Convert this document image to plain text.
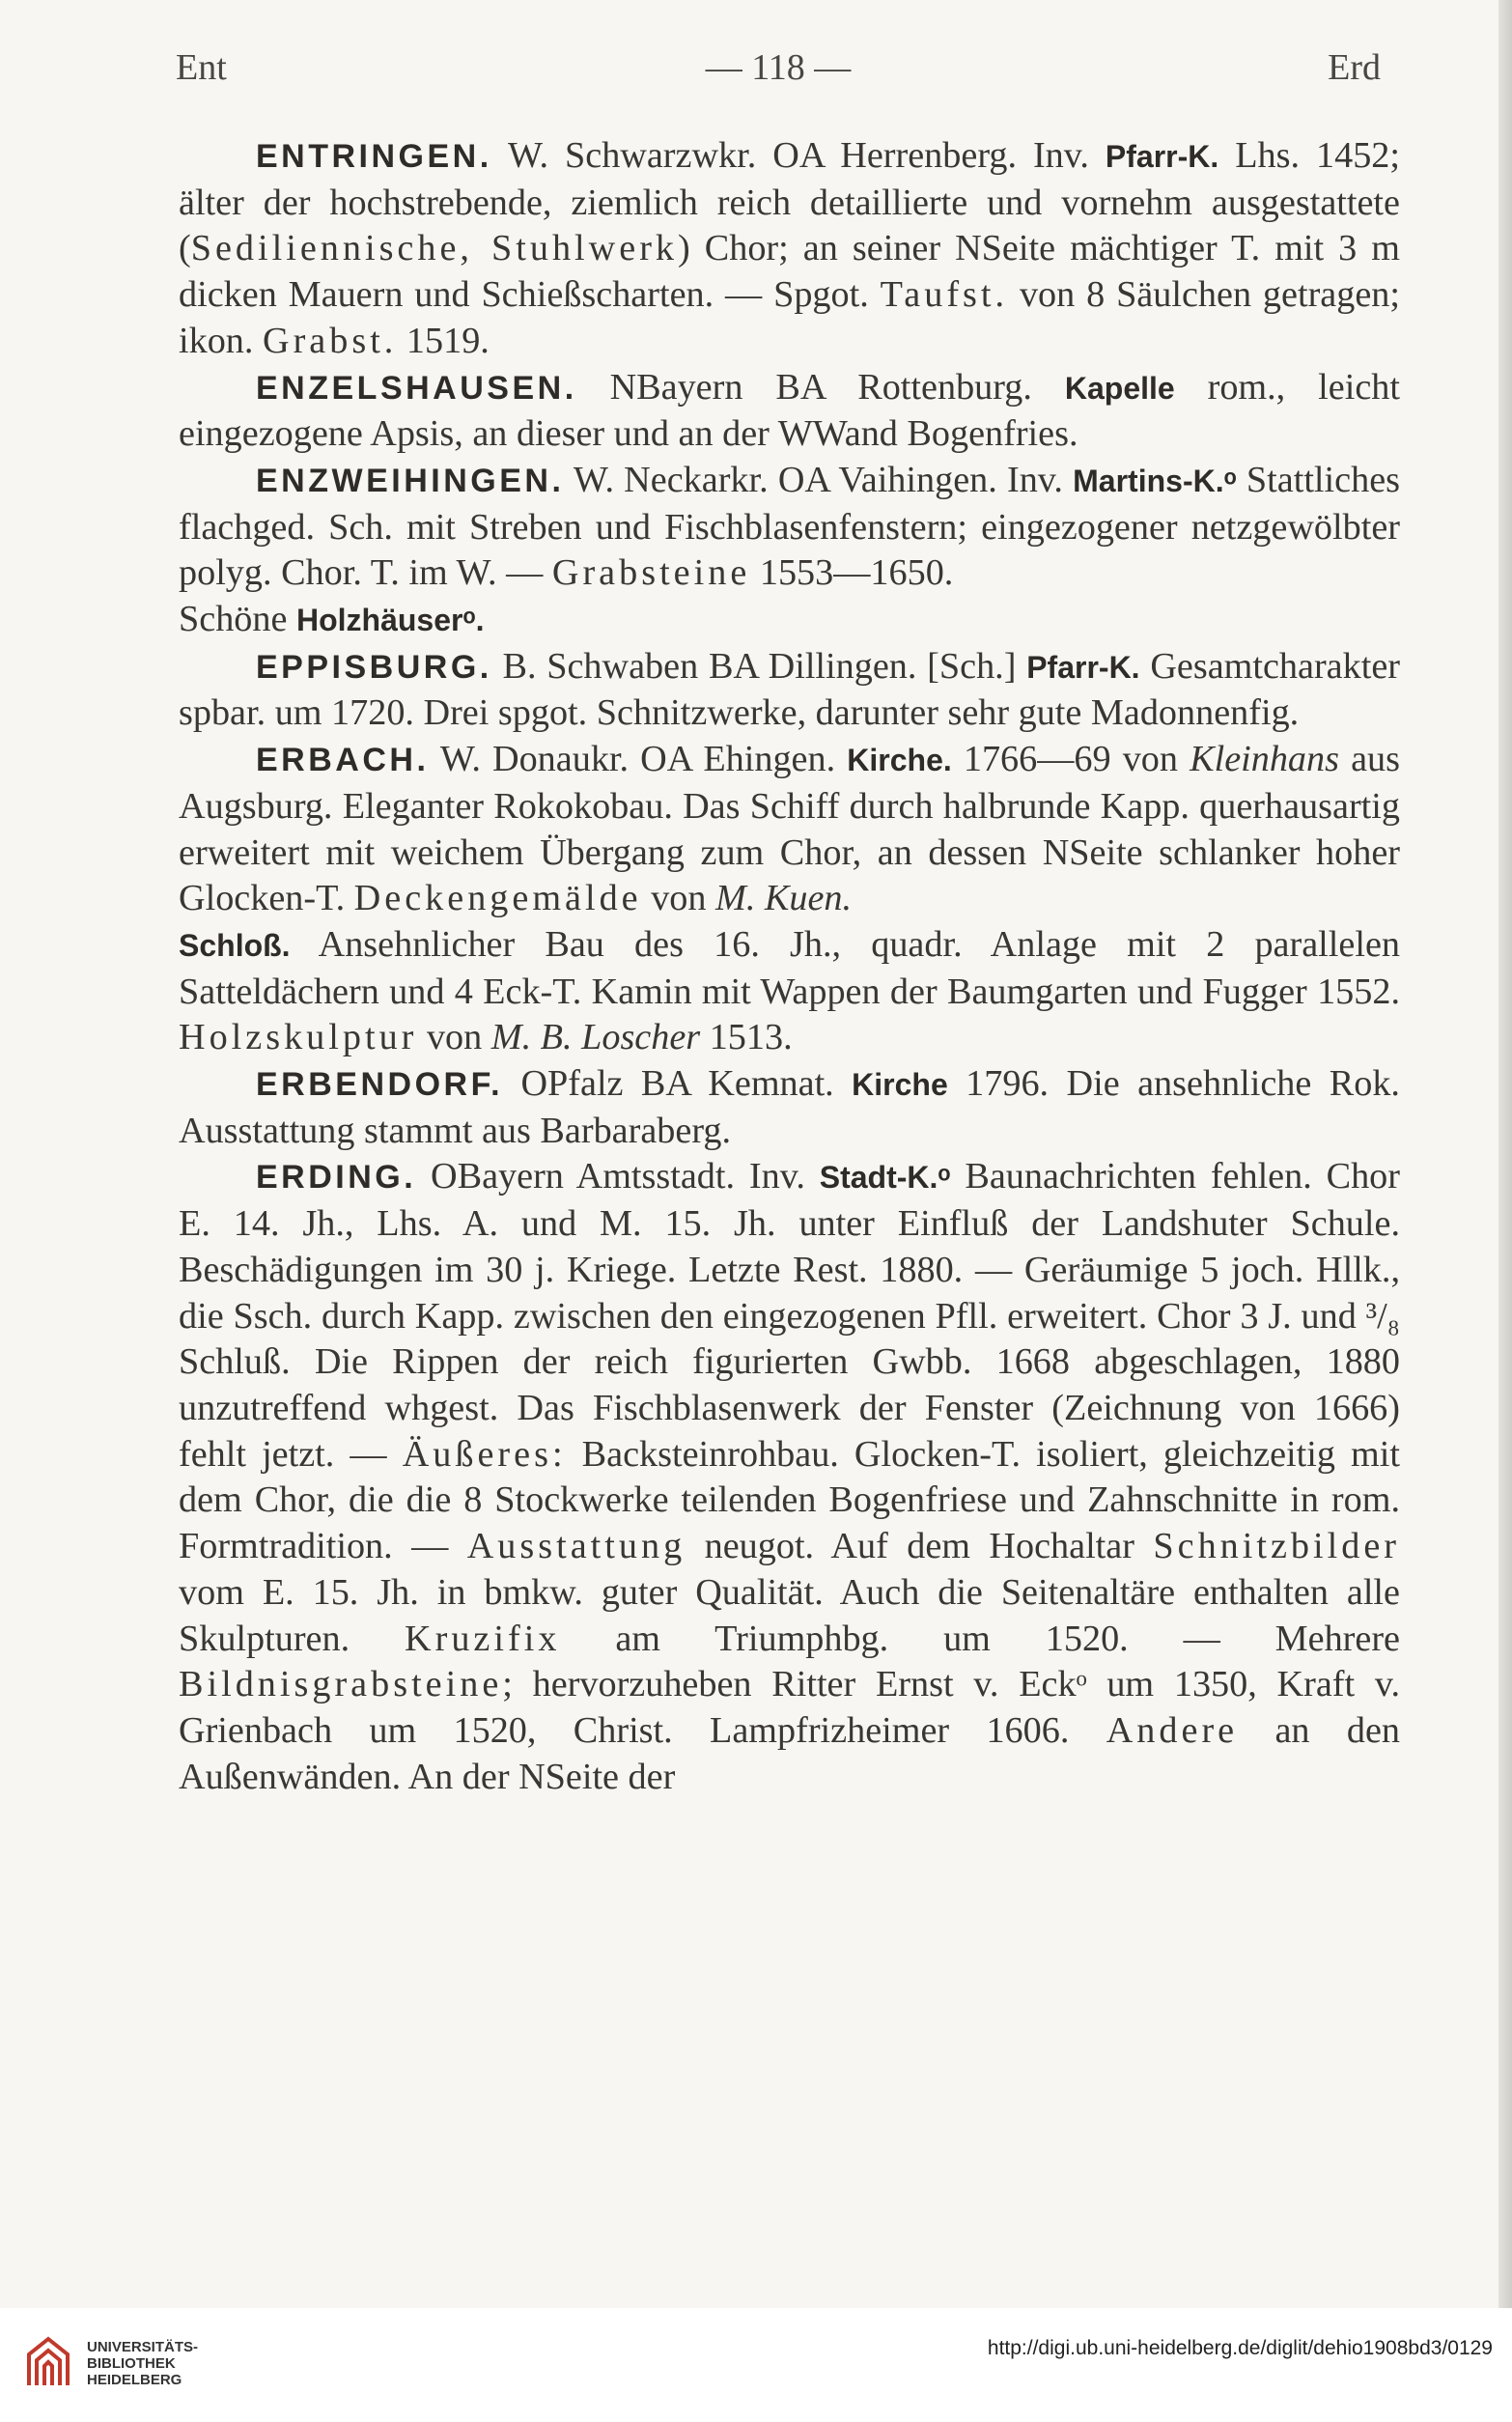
Ent	— 118 —	Erd

ENTRINGEN. W. Schwarzwkr. OA Herrenberg. Inv. Pfarr-K. Lhs. 1452; älter der hochstrebende, ziemlich reich detaillierte und vornehm ausgestattete (Sediliennische, Stuhlwerk) Chor; an seiner NSeite mächtiger T. mit 3 m dicken Mauern und Schießscharten. — Spgot. Taufst. von 8 Säulchen getragen; ikon. Grabst. 1519.

ENZELSHAUSEN. NBayern BA Rottenburg. Kapelle rom., leicht eingezogene Apsis, an dieser und an der WWand Bogenfries.

ENZWEIHINGEN. W. Neckarkr. OA Vaihingen. Inv. Martins-K.ᵒ Stattliches flachged. Sch. mit Streben und Fischblasenfenstern; eingezogener netzgewölbter polyg. Chor. T. im W. — Grabsteine 1553—1650.

Schöne Holzhäuserᵒ.

EPPISBURG. B. Schwaben BA Dillingen. [Sch.] Pfarr-K. Gesamtcharakter spbar. um 1720. Drei spgot. Schnitzwerke, darunter sehr gute Madonnenfig.

ERBACH. W. Donaukr. OA Ehingen. Kirche. 1766—69 von Kleinhans aus Augsburg. Eleganter Rokokobau. Das Schiff durch halbrunde Kapp. querhausartig erweitert mit weichem Übergang zum Chor, an dessen NSeite schlanker hoher Glocken-T. Deckengemälde von M. Kuen.

Schloß. Ansehnlicher Bau des 16. Jh., quadr. Anlage mit 2 parallelen Satteldächern und 4 Eck-T. Kamin mit Wappen der Baumgarten und Fugger 1552. Holzskulptur von M. B. Loscher 1513.

ERBENDORF. OPfalz BA Kemnat. Kirche 1796. Die ansehnliche Rok. Ausstattung stammt aus Barbaraberg.

ERDING. OBayern Amtsstadt. Inv. Stadt-K.ᵒ Baunachrichten fehlen. Chor E. 14. Jh., Lhs. A. und M. 15. Jh. unter Einfluß der Landshuter Schule. Beschädigungen im 30 j. Kriege. Letzte Rest. 1880. — Geräumige 5 joch. Hllk., die Ssch. durch Kapp. zwischen den eingezogenen Pfll. erweitert. Chor 3 J. und ³/₈ Schluß. Die Rippen der reich figurierten Gwbb. 1668 abgeschlagen, 1880 unzutreffend whgest. Das Fischblasenwerk der Fenster (Zeichnung von 1666) fehlt jetzt. — Äußeres: Backsteinrohbau. Glocken-T. isoliert, gleichzeitig mit dem Chor, die die 8 Stockwerke teilenden Bogenfriese und Zahnschnitte in rom. Formtradition. — Ausstattung neugot. Auf dem Hochaltar Schnitzbilder vom E. 15. Jh. in bmkw. guter Qualität. Auch die Seitenaltäre enthalten alle Skulpturen. Kruzifix am Triumphbg. um 1520. — Mehrere Bildnisgrabsteine; hervorzuheben Ritter Ernst v. Eckᵒ um 1350, Kraft v. Grienbach um 1520, Christ. Lampfrizheimer 1606. Andere an den Außenwänden. An der NSeite der

UNIVERSITÄTS-
BIBLIOTHEK
HEIDELBERG
http://digi.ub.uni-heidelberg.de/diglit/dehio1908bd3/0129
